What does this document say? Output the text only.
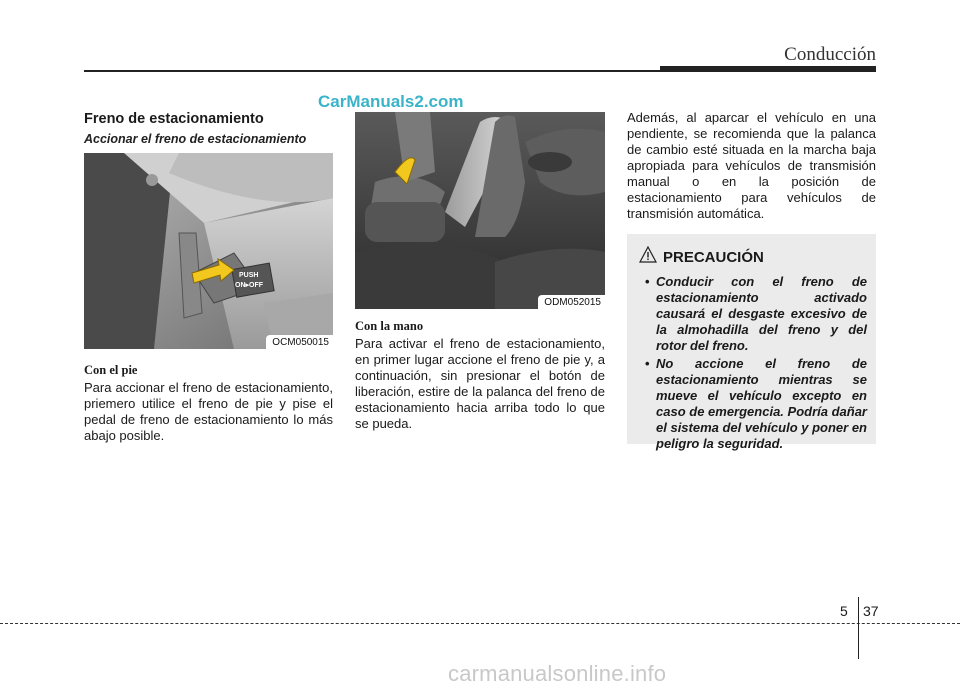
Conducción
CarManuals2.com
Freno de estacionamiento
Accionar el freno de estacionamiento
PUSH
ON▸OFF
OCM050015
Con el pie
Para accionar el freno de estacionamiento, priemero utilice el freno de pie y pise el pedal de freno de estacionamiento lo más abajo posible.
ODM052015
Con la mano
Para activar el freno de estacionamiento, en primer lugar accione el freno de pie y, a continuación, sin presionar el botón de liberación, estire de la palanca del freno de estacionamiento hacia arriba todo lo que se pueda.
Además, al aparcar el vehículo en una pendiente, se recomienda que la palanca de cambio esté situada en la marcha baja apropiada para vehículos de transmisión manual o en la posición de estacionamiento para vehículos de transmisión automática.
PRECAUCIÓN
• Conducir con el freno de estacionamiento activado causará el desgaste excesivo de la almohadilla del freno y del rotor del freno.
• No accione el freno de estacionamiento mientras se mueve el vehículo excepto en caso de emergencia. Podría dañar el sistema del vehículo y poner en peligro la seguridad.
5 37
carmanualsonline.info
